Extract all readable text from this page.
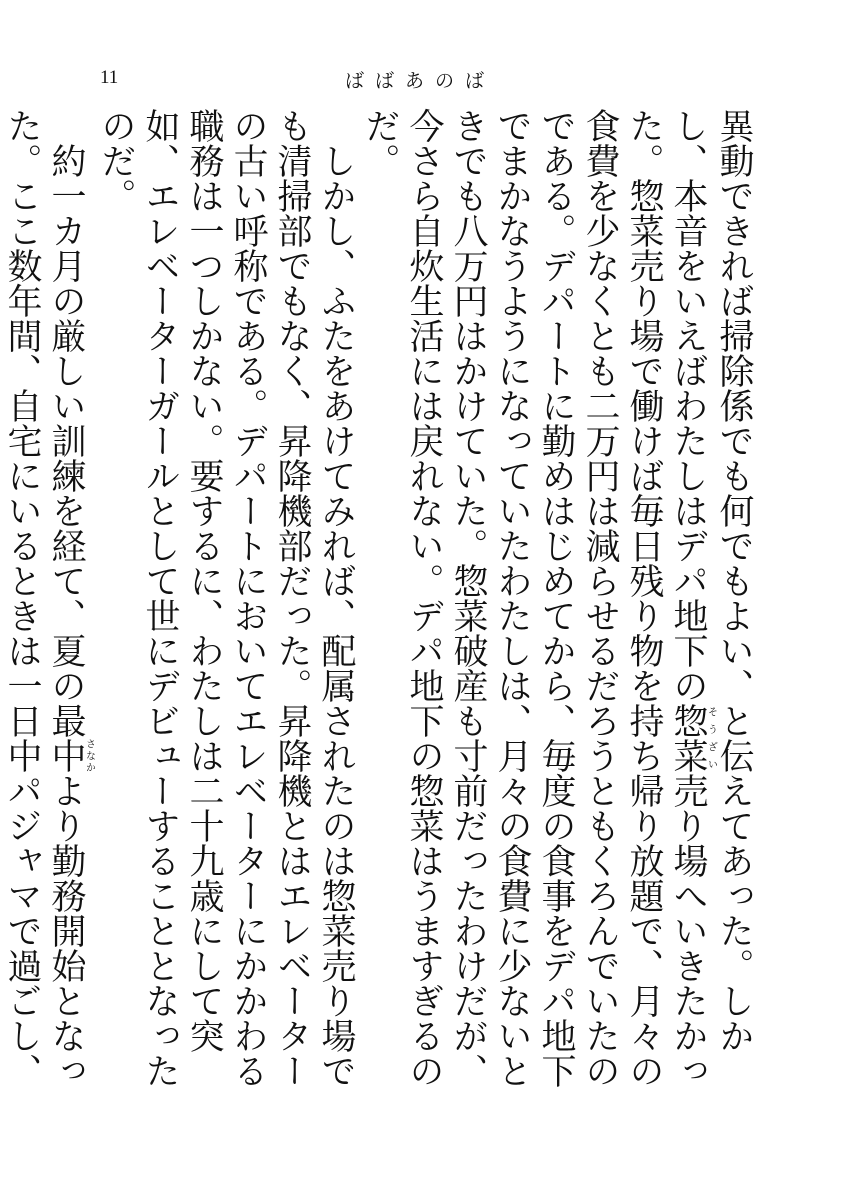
11	ばばあのば

異動できれば掃除係でも何でもよい、と伝えてあった。しかし、本音をいえばわたしはデパ地下の惣菜そうざい売り場へいきたかった。惣菜売り場で働けば毎日残り物を持ち帰り放題で、月々の食費を少なくとも二万円は減らせるだろうともくろんでいたのである。デパートに勤めはじめてから、毎度の食事をデパ地下でまかなうようになっていたわたしは、月々の食費に少ないときでも八万円はかけていた。惣菜破産も寸前だったわけだが、今さら自炊生活には戻れない。デパ地下の惣菜はうますぎるのだ。

しかし、ふたをあけてみれば、配属されたのは惣菜売り場でも清掃部でもなく、昇降機部だった。昇降機とはエレベーターの古い呼称である。デパートにおいてエレベーターにかかわる職務は一つしかない。要するに、わたしは二十九歳にして突如、エレベーターガールとして世にデビューすることとなったのだ。

約一カ月の厳しい訓練を経て、夏の最中さなかより勤務開始となった。ここ数年間、自宅にいるときは一日中パジャマで過ごし、
